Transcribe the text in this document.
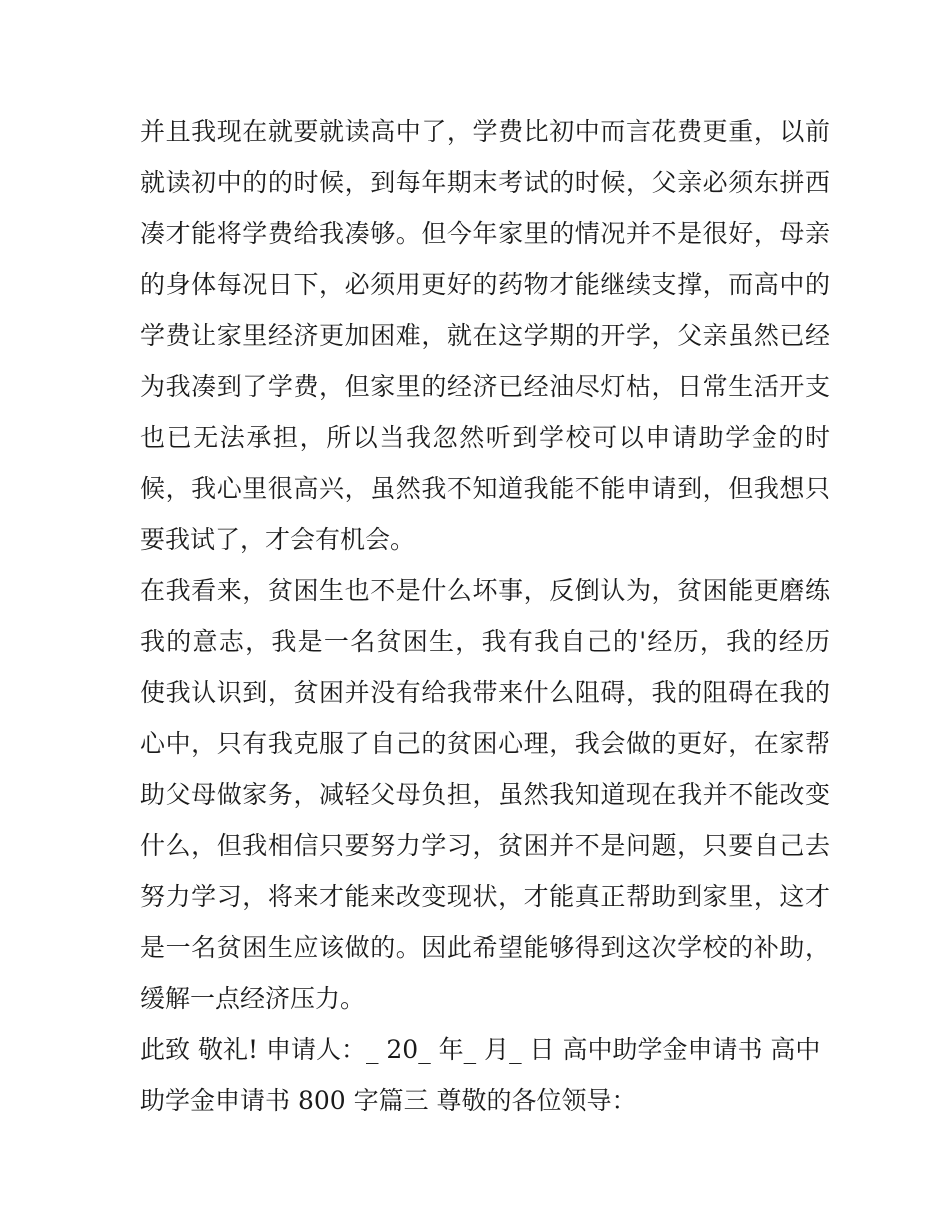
并且我现在就要就读高中了，学费比初中而言花费更重，以前
就读初中的的时候，到每年期末考试的时候，父亲必须东拼西
凑才能将学费给我凑够。但今年家里的情况并不是很好，母亲
的身体每况日下，必须用更好的药物才能继续支撑，而高中的
学费让家里经济更加困难，就在这学期的开学，父亲虽然已经
为我凑到了学费，但家里的经济已经油尽灯枯，日常生活开支
也已无法承担，所以当我忽然听到学校可以申请助学金的时
候，我心里很高兴，虽然我不知道我能不能申请到，但我想只
要我试了，才会有机会。
在我看来，贫困生也不是什么坏事，反倒认为，贫困能更磨练
我的意志，我是一名贫困生，我有我自己的'经历，我的经历
使我认识到，贫困并没有给我带来什么阻碍，我的阻碍在我的
心中，只有我克服了自己的贫困心理，我会做的更好，在家帮
助父母做家务，减轻父母负担，虽然我知道现在我并不能改变
什么，但我相信只要努力学习，贫困并不是问题，只要自己去
努力学习，将来才能来改变现状，才能真正帮助到家里，这才
是一名贫困生应该做的。因此希望能够得到这次学校的补助，
缓解一点经济压力。
此致 敬礼! 申请人：_ 20_ 年_ 月_ 日 高中助学金申请书 高中
助学金申请书 800 字篇三 尊敬的各位领导：
